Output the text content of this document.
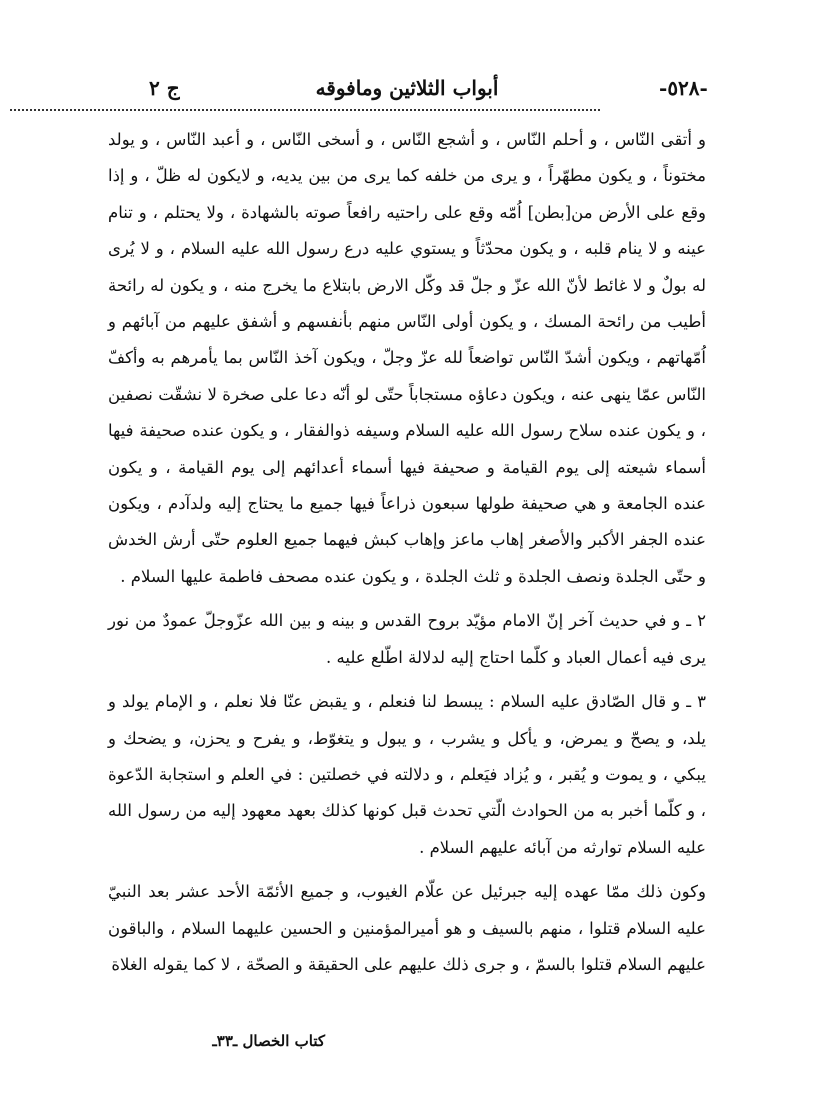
-٥٢٨-
أبواب الثلاثين ومافوقه
ج ٢

و أتقى النّاس ، و أحلم النّاس ، و أشجع النّاس ، و أسخى النّاس ، و أعبد النّاس ، و يولد مختوناً ، و يكون مطهّراً ، و يرى من خلفه كما يرى من بين يديه، و لايكون له ظلّ ، و إذا وقع على الأرض من[بطن] اُمّه وقع على راحتيه رافعاً صوته بالشهادة ، ولا يحتلم ، و تنام عينه و لا ينام قلبه ، و يكون محدّثاً و يستوي عليه درع رسول الله عليه السلام ، و لا يُرى له بولٌ و لا غائط لأنّ الله عزّ و جلّ قد وكّل الارض بابتلاع ما يخرج منه ، و يكون له رائحة أطيب من رائحة المسك ، و يكون أولى النّاس منهم بأنفسهم و أشفق عليهم من آبائهم و اُمّهاتهم ، ويكون أشدّ النّاس تواضعاً لله عزّ وجلّ ، ويكون آخذ النّاس بما يأمرهم به وأكفّ النّاس عمّا ينهى عنه ، ويكون دعاؤه مستجاباً حتّى لو أنّه دعا على صخرة لا نشقّت نصفين ، و يكون عنده سلاح رسول الله عليه السلام وسيفه ذوالفقار ، و يكون عنده صحيفة فيها أسماء شيعته إلى يوم القيامة و صحيفة فيها أسماء أعدائهم إلى يوم القيامة ، و يكون عنده الجامعة و هي صحيفة طولها سبعون ذراعاً فيها جميع ما يحتاج إليه ولدآدم ، ويكون عنده الجفر الأكبر والأصغر إهاب ماعز وإهاب كبش فيهما جميع العلوم حتّى أرش الخدش و حتّى الجلدة ونصف الجلدة و ثلث الجلدة ، و يكون عنده مصحف فاطمة عليها السلام .

٢ ـ و في حديث آخر إنّ الامام مؤيّد بروح القدس و بينه و بين الله عزّوجلّ عمودٌ من نور يرى فيه أعمال العباد و كلّما احتاج إليه لدلالة اطّلع عليه .

٣ ـ و قال الصّادق عليه السلام : يبسط لنا فنعلم ، و يقبض عنّا فلا نعلم ، و الإمام يولد و يلد، و يصحّ و يمرض، و يأكل و يشرب ، و يبول و يتغوّط، و يفرح و يحزن، و يضحك و يبكي ، و يموت و يُقبر ، و يُزاد فيَعلم ، و دلالته في خصلتين : في العلم و استجابة الدّعوة ، و كلّما أخبر به من الحوادث الّتي تحدث قبل كونها كذلك بعهد معهود إليه من رسول الله عليه السلام توارثه من آبائه عليهم السلام .

وكون ذلك ممّا عهده إليه جبرئيل عن علّام الغيوب، و جميع الأئمّة الأحد عشر بعد النبيّ عليه السلام قتلوا ، منهم بالسيف و هو أميرالمؤمنين و الحسين عليهما السلام ، والباقون عليهم السلام قتلوا بالسمّ ، و جرى ذلك عليهم على الحقيقة و الصحّة ، لا كما يقوله الغلاة

كتاب الخصال ـ٣٣ـ
